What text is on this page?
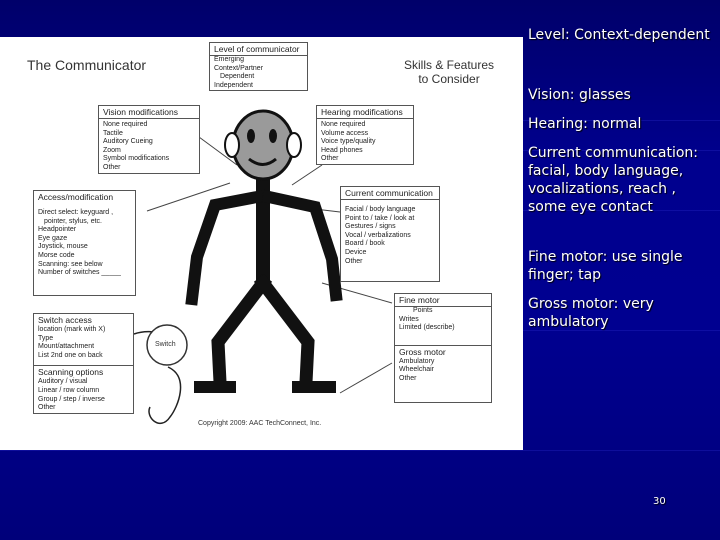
The Communicator	Skills & Features
to Consider
Copyright 2009: AAC TechConnect, Inc.
Switch
Level of communicator
Emerging
Context/Partner
Dependent
Independent
Vision modifications
None required
Tactile
Auditory Cueing
Zoom
Symbol modifications
Other
Hearing modifications
None required
Volume access
Voice type/quality
Head phones
Other
Access/modification
Direct select: keyguard ,
pointer, stylus, etc.
Headpointer
Eye gaze
Joystick, mouse
Morse code
Scanning: see below
Number of switches _____
Current communication
Facial / body language
Point to / take / look at
Gestures / signs
Vocal / verbalizations
Board / book
Device
Other
Switch access
location (mark with X)
Type
Mount/attachment
List 2nd one on back
Scanning options
Auditory / visual
Linear / row column
Group / step / inverse
Other
Fine motor
Points
Writes
Limited (describe)
Gross motor
Ambulatory
Wheelchair
Other

Level: Context-dependent

Vision: glasses

Hearing: normal

Current communication: facial, body language, vocalizations, reach , some eye contact

Fine motor: use single finger; tap

Gross motor: very ambulatory

30
